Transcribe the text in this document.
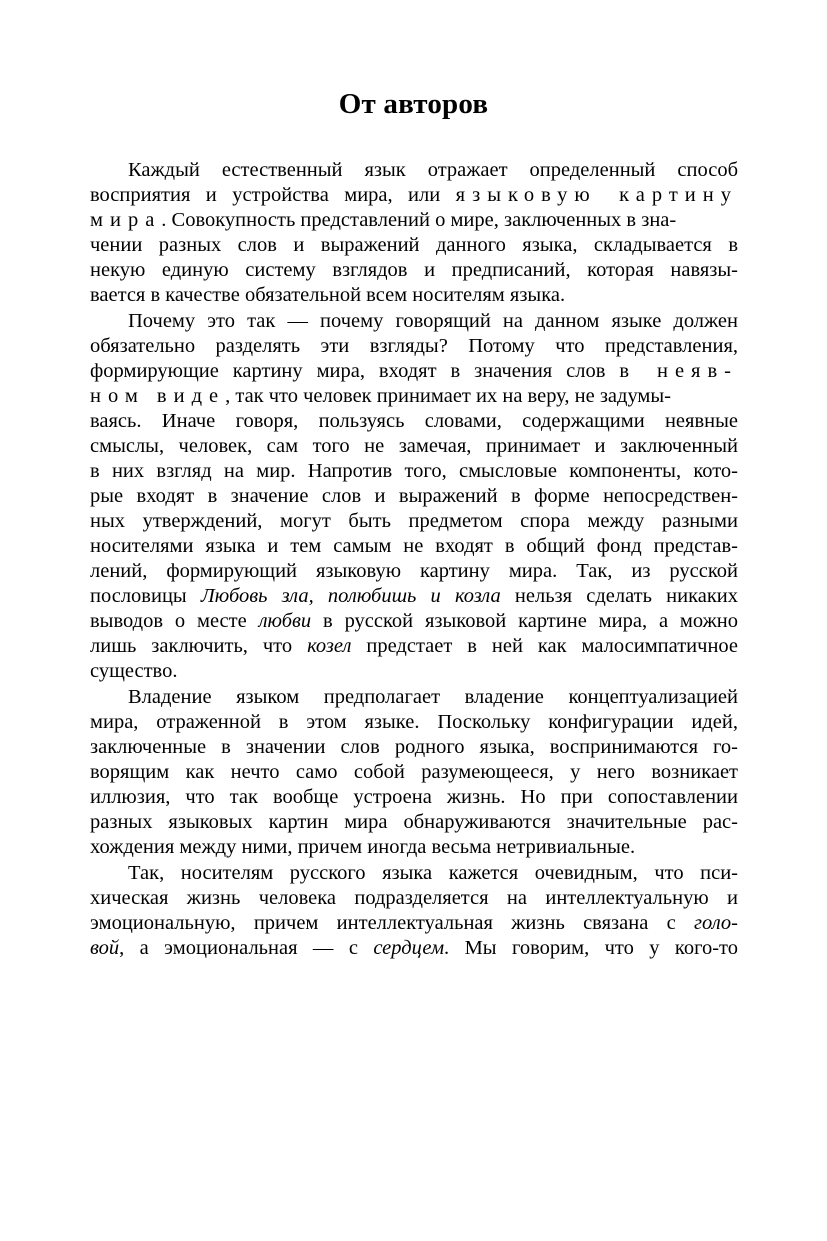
От авторов
Каждый естественный язык отражает определенный способ
восприятия и устройства мира, или языковую картину
мира. Совокупность представлений о мире, заключенных в зна-
чении разных слов и выражений данного языка, складывается в
некую единую систему взглядов и предписаний, которая навязы-
вается в качестве обязательной всем носителям языка.
Почему это так — почему говорящий на данном языке должен
обязательно разделять эти взгляды? Потому что представления,
формирующие картину мира, входят в значения слов в неяв-
ном виде, так что человек принимает их на веру, не задумы-
ваясь. Иначе говоря, пользуясь словами, содержащими неявные
смыслы, человек, сам того не замечая, принимает и заключенный
в них взгляд на мир. Напротив того, смысловые компоненты, кото-
рые входят в значение слов и выражений в форме непосредствен-
ных утверждений, могут быть предметом спора между разными
носителями языка и тем самым не входят в общий фонд представ-
лений, формирующий языковую картину мира. Так, из русской
пословицы Любовь зла, полюбишь и козла нельзя сделать никаких
выводов о месте любви в русской языковой картине мира, а можно
лишь заключить, что козел предстает в ней как малосимпатичное
существо.
Владение языком предполагает владение концептуализацией
мира, отраженной в этом языке. Поскольку конфигурации идей,
заключенные в значении слов родного языка, воспринимаются го-
ворящим как нечто само собой разумеющееся, у него возникает
иллюзия, что так вообще устроена жизнь. Но при сопоставлении
разных языковых картин мира обнаруживаются значительные рас-
хождения между ними, причем иногда весьма нетривиальные.
Так, носителям русского языка кажется очевидным, что пси-
хическая жизнь человека подразделяется на интеллектуальную и
эмоциональную, причем интеллектуальная жизнь связана с голо-
вой, а эмоциональная — с сердцем. Мы говорим, что у кого-то
